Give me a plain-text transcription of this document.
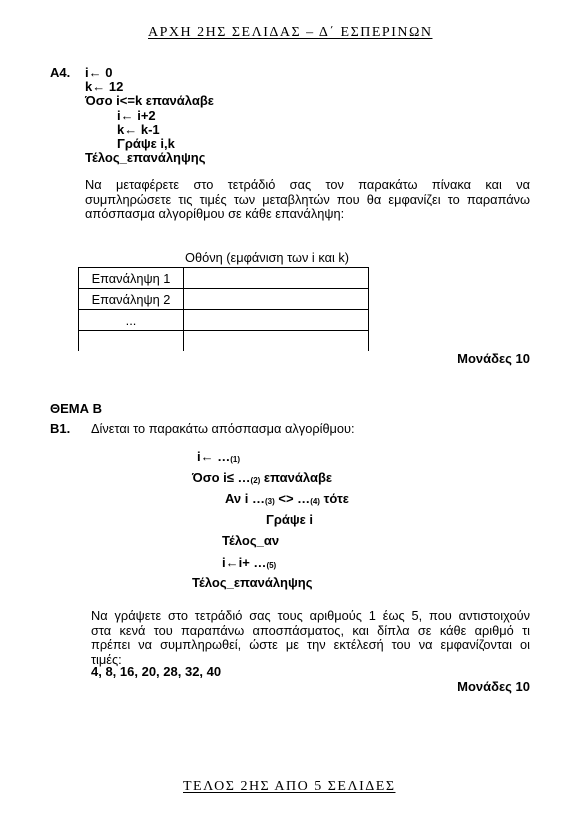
ΑΡΧΗ 2ΗΣ ΣΕΛΙΔΑΣ – Δ΄ ΕΣΠΕΡΙΝΩΝ
Α4. i← 0
k← 12
Όσο i<=k επανάλαβε
i← i+2
k← k-1
Γράψε i,k
Τέλος_επανάληψης
Να μεταφέρετε στο τετράδιό σας τον παρακάτω πίνακα και να
συμπληρώσετε τις τιμές των μεταβλητών που θα εμφανίζει το παραπάνω
απόσπασμα αλγορίθμου σε κάθε επανάληψη:
Οθόνη (εμφάνιση των i και k)
Επανάληψη 1	
Επανάληψη 2	
...	

Μονάδες 10
ΘΕΜΑ Β
Β1. Δίνεται το παρακάτω απόσπασμα αλγορίθμου:
i← …(1)
Όσο i≤ …(2) επανάλαβε
Αν i …(3) <> …(4) τότε
Γράψε i
Τέλος_αν
i←i+ …(5)
Τέλος_επανάληψης
Να γράψετε στο τετράδιό σας τους αριθμούς 1 έως 5, που αντιστοιχούν
στα κενά του παραπάνω αποσπάσματος, και δίπλα σε κάθε αριθμό τι
πρέπει να συμπληρωθεί, ώστε με την εκτέλεσή του να εμφανίζονται οι
τιμές:
4, 8, 16, 20, 28, 32, 40
Μονάδες 10
ΤΕΛΟΣ 2ΗΣ ΑΠΟ 5 ΣΕΛΙΔΕΣ
